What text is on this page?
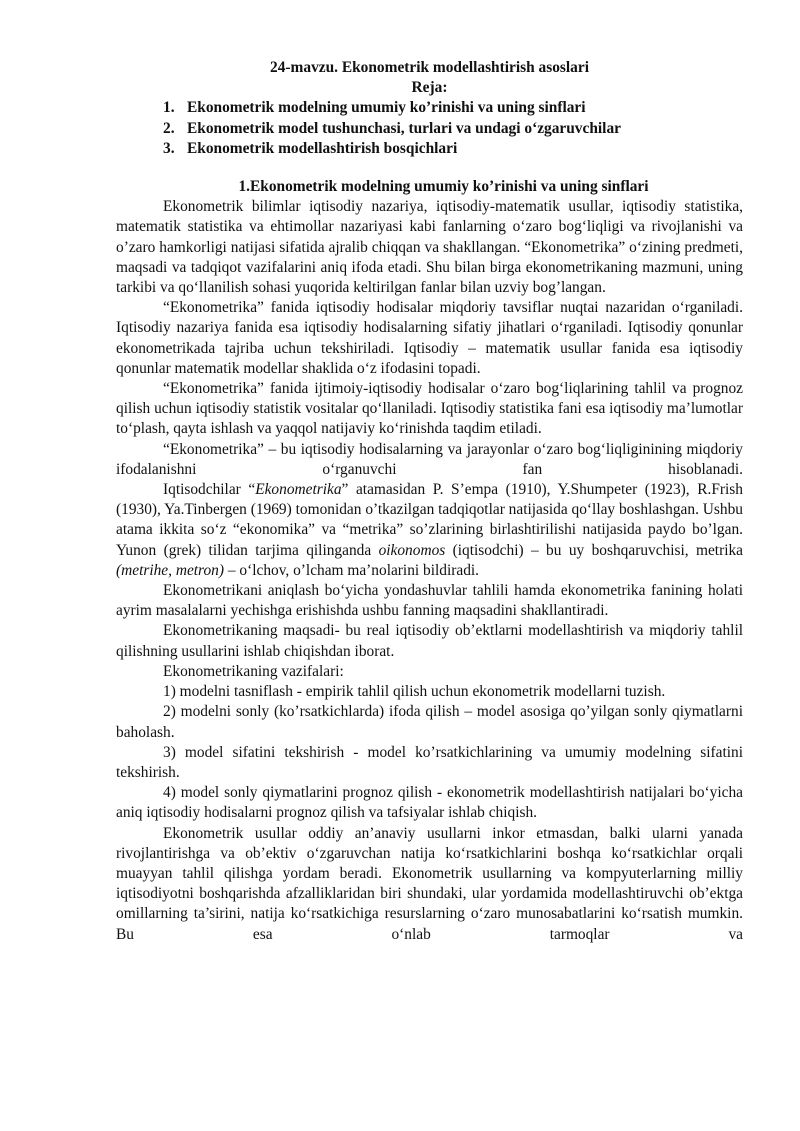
24-mavzu. Ekonometrik modellashtirish asoslari

Reja:

1. Ekonometrik modelning umumiy ko’rinishi va uning sinflari
2. Ekonometrik model tushunchasi, turlari va undagi o‘zgaruvchilar
3. Ekonometrik modellashtirish bosqichlari

1.Ekonometrik modelning umumiy ko’rinishi va uning sinflari

Ekonometrik bilimlar iqtisodiy nazariya, iqtisodiy-matematik usullar, iqtisodiy statistika, matematik statistika va ehtimollar nazariyasi kabi fanlarning o‘zaro bog‘liqligi va rivojlanishi va o’zaro hamkorligi natijasi sifatida ajralib chiqqan va shakllangan. “Ekonometrika” o‘zining predmeti, maqsadi va tadqiqot vazifalarini aniq ifoda etadi. Shu bilan birga ekonometrikaning mazmuni, uning tarkibi va qo‘llanilish sohasi yuqorida keltirilgan fanlar bilan uzviy bog’langan.

“Ekonometrika” fanida iqtisodiy hodisalar miqdoriy tavsiflar nuqtai nazaridan o‘rganiladi. Iqtisodiy nazariya fanida esa iqtisodiy hodisalarning sifatiy jihatlari o‘rganiladi. Iqtisodiy qonunlar ekonometrikada tajriba uchun tekshiriladi. Iqtisodiy – matematik usullar fanida esa iqtisodiy qonunlar matematik modellar shaklida o‘z ifodasini topadi.

“Ekonometrika” fanida ijtimoiy-iqtisodiy hodisalar o‘zaro bog‘liqlarining tahlil va prognoz qilish uchun iqtisodiy statistik vositalar qo‘llaniladi. Iqtisodiy statistika fani esa iqtisodiy ma’lumotlar to‘plash, qayta ishlash va yaqqol natijaviy ko‘rinishda taqdim etiladi.

“Ekonometrika” – bu iqtisodiy hodisalarning va jarayonlar o‘zaro bog‘liqliginining miqdoriy ifodalanishni o‘rganuvchi fan hisoblanadi.

Iqtisodchilar “Ekonometrika” atamasidan P. S’empa (1910), Y.Shumpeter (1923), R.Frish (1930), Ya.Tinbergen (1969) tomonidan o’tkazilgan tadqiqotlar natijasida qo‘llay boshlashgan. Ushbu atama ikkita so‘z “ekonomika” va “metrika” so’zlarining birlashtirilishi natijasida paydo bo’lgan. Yunon (grek) tilidan tarjima qilinganda oikonomos (iqtisodchi) – bu uy boshqaruvchisi, metrika (metrihe, metron) – o‘lchov, o’lcham ma’nolarini bildiradi.

Ekonometrikani aniqlash bo‘yicha yondashuvlar tahlili hamda ekonometrika fanining holati ayrim masalalarni yechishga erishishda ushbu fanning maqsadini shakllantiradi.

Ekonometrikaning maqsadi- bu real iqtisodiy ob’ektlarni modellashtirish va miqdoriy tahlil qilishning usullarini ishlab chiqishdan iborat.

Ekonometrikaning vazifalari:

1) modelni tasniflash - empirik tahlil qilish uchun ekonometrik modellarni tuzish.

2) modelni sonly (ko’rsatkichlarda) ifoda qilish – model asosiga qo’yilgan sonly qiymatlarni baholash.

3) model sifatini tekshirish - model ko’rsatkichlarining va umumiy modelning sifatini tekshirish.

4) model sonly qiymatlarini prognoz qilish - ekonometrik modellashtirish natijalari bo‘yicha aniq iqtisodiy hodisalarni prognoz qilish va tafsiyalar ishlab chiqish.

Ekonometrik usullar oddiy an’anaviy usullarni inkor etmasdan, balki ularni yanada rivojlantirishga va ob’ektiv o‘zgaruvchan natija ko‘rsatkichlarini boshqa ko‘rsatkichlar orqali muayyan tahlil qilishga yordam beradi. Ekonometrik usullarning va kompyuterlarning milliy iqtisodiyotni boshqarishda afzalliklaridan biri shundaki, ular yordamida modellashtiruvchi ob’ektga omillarning ta’sirini, natija ko‘rsatkichiga resurslarning o‘zaro munosabatlarini ko‘rsatish mumkin. Bu esa o‘nlab tarmoqlar va
